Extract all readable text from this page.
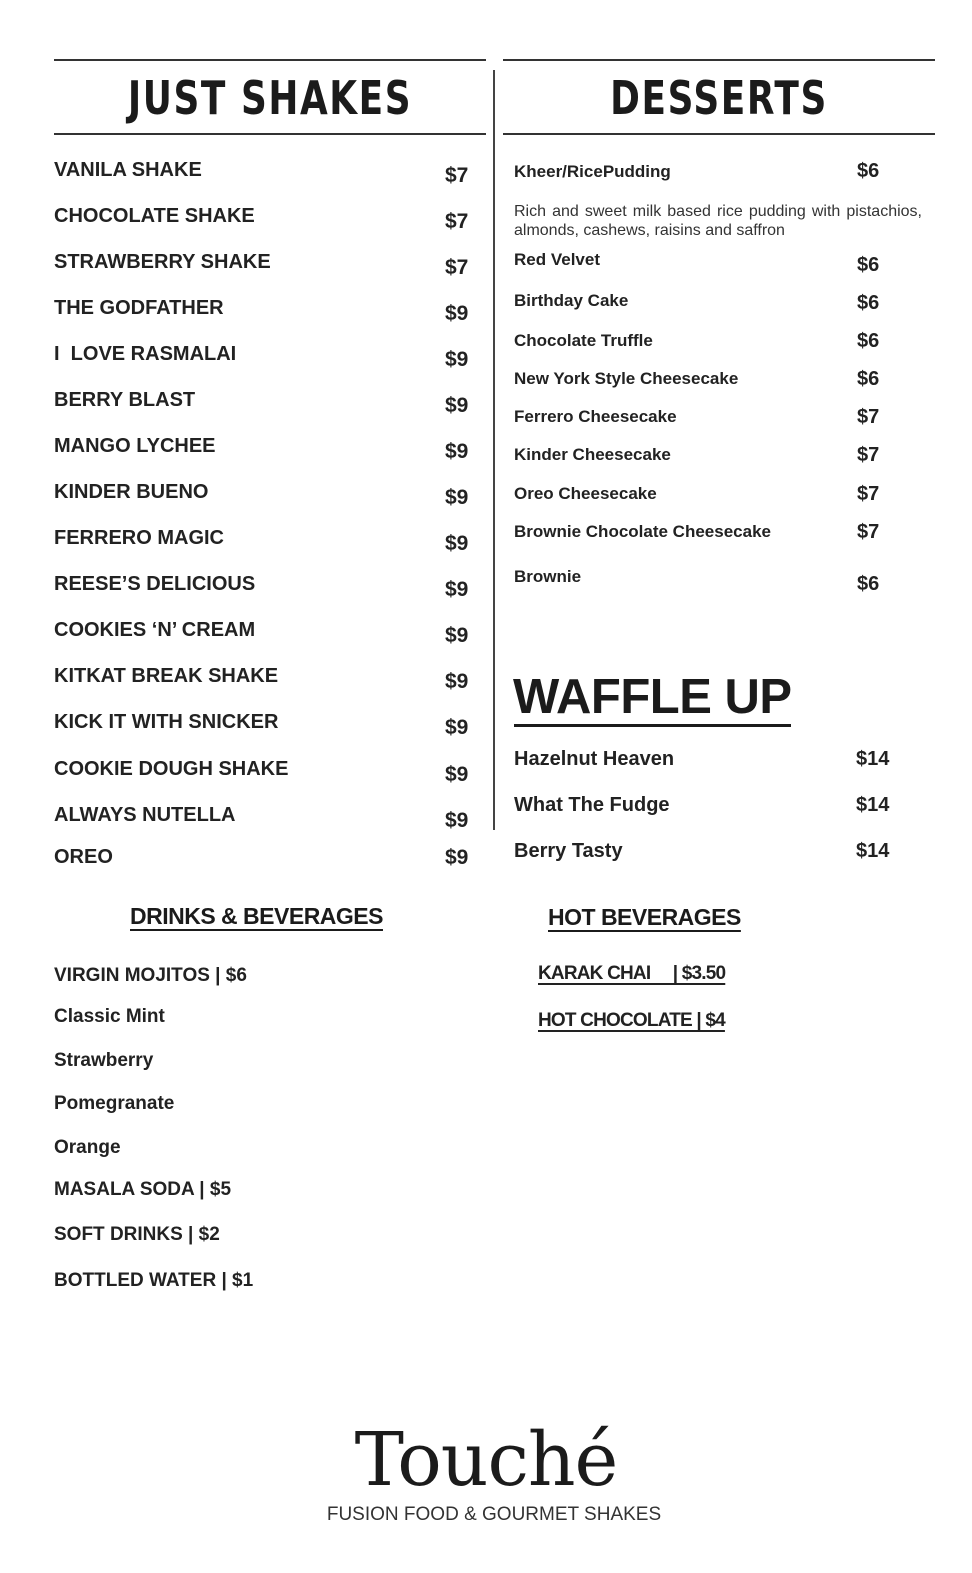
JUST SHAKES	DESSERTS
VANILA SHAKE	$7
CHOCOLATE SHAKE	$7
STRAWBERRY SHAKE	$7
THE GODFATHER	$9
I  LOVE RASMALAI	$9
BERRY BLAST	$9
MANGO LYCHEE	$9
KINDER BUENO	$9
FERRERO MAGIC	$9
REESE’S DELICIOUS	$9
COOKIES ‘N’ CREAM	$9
KITKAT BREAK SHAKE	$9
KICK IT WITH SNICKER	$9
COOKIE DOUGH SHAKE	$9
ALWAYS NUTELLA	$9
OREO	$9
Kheer/RicePudding	$6
Rich and sweet milk based rice pudding with pistachios, almonds, cashews, raisins and saffron
Red Velvet	$6
Birthday Cake	$6
Chocolate Truffle	$6
New York Style Cheesecake	$6
Ferrero Cheesecake	$7
Kinder Cheesecake	$7
Oreo Cheesecake	$7
Brownie Chocolate Cheesecake	$7
Brownie	$6
WAFFLE UP
Hazelnut Heaven	$14
What The Fudge	$14
Berry Tasty	$14
DRINKS & BEVERAGES
VIRGIN MOJITOS | $6
Classic Mint
Strawberry
Pomegranate
Orange
MASALA SODA | $5
SOFT DRINKS | $2
BOTTLED WATER | $1
HOT BEVERAGES
KARAK CHAI     | $3.50
HOT CHOCOLATE | $4
Touché
FUSION FOOD & GOURMET SHAKES
